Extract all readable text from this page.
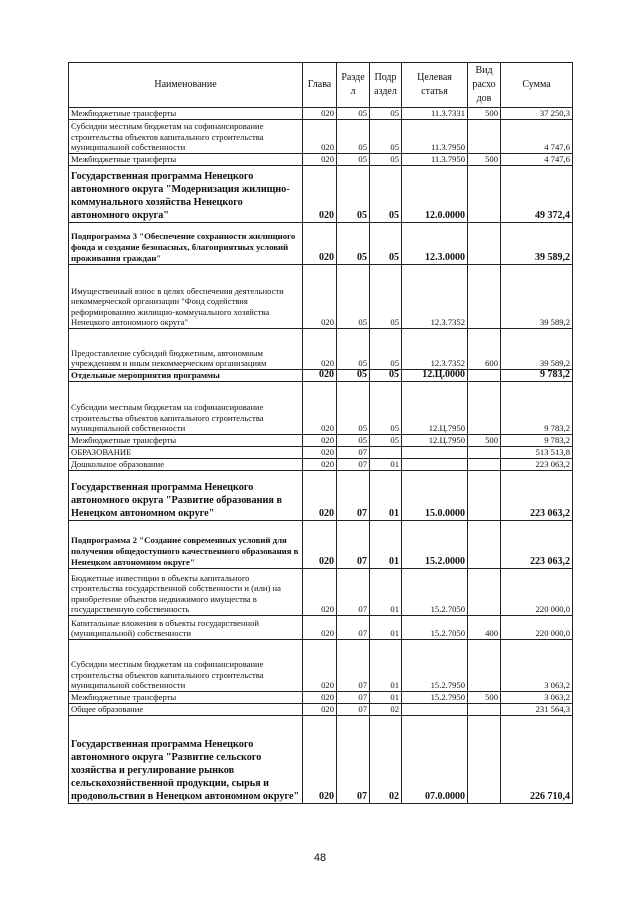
Наименование	Глава	Разде л	Подр аздел	Целевая статья	Вид расхо дов	Сумма
Межбюджетные трансферты	020	05	05	11.3.7331	500	37 250,3
Субсидии местным бюджетам на софинансирование строительства объектов капитального строительства муниципальной собственности	020	05	05	11.3.7950		4 747,6
Межбюджетные трансферты	020	05	05	11.3.7950	500	4 747,6
Государственная программа Ненецкого автономного округа "Модернизация жилищно-коммунального хозяйства Ненецкого автономного округа"	020	05	05	12.0.0000		49 372,4
Подпрограмма 3 "Обеспечение сохранности жилищного фонда и создание безопасных, благоприятных условий проживания граждан"	020	05	05	12.3.0000		39 589,2
Имущественный взнос в целях обеспечения деятельности некоммерческой организации "Фонд содействия реформированию жилищно-коммунального хозяйства Ненецкого автономного округа"	020	05	05	12.3.7352		39 589,2
Предоставление субсидий бюджетным, автономным учреждениям и иным некоммерческим организациям	020	05	05	12.3.7352	600	39 589,2
Отдельные мероприятия программы	020	05	05	12.Ц.0000		9 783,2
Субсидии местным бюджетам на софинансирование строительства объектов капитального строительства муниципальной собственности	020	05	05	12.Ц.7950		9 783,2
Межбюджетные трансферты	020	05	05	12.Ц.7950	500	9 783,2
ОБРАЗОВАНИЕ	020	07				513 513,8
Дошкольное образование	020	07	01			223 063,2
Государственная программа Ненецкого автономного округа "Развитие образования в Ненецком автономном округе"	020	07	01	15.0.0000		223 063,2
Подпрограмма 2 "Создание современных условий для получения общедоступного качественного образования в Ненецком автономном округе"	020	07	01	15.2.0000		223 063,2
Бюджетные инвестиции в объекты капитального строительства государственной собственности и (или) на приобретение объектов недвижимого имущества в государственную собственность	020	07	01	15.2.7050		220 000,0
Капитальные вложения в объекты государственной (муниципальной) собственности	020	07	01	15.2.7050	400	220 000,0
Субсидии местным бюджетам на софинансирование строительства объектов капитального строительства муниципальной собственности	020	07	01	15.2.7950		3 063,2
Межбюджетные трансферты	020	07	01	15.2.7950	500	3 063,2
Общее образование	020	07	02			231 564,3
Государственная программа Ненецкого автономного округа "Развитие сельского хозяйства и регулирование рынков сельскохозяйственной продукции, сырья и продовольствия в Ненецком автономном округе"	020	07	02	07.0.0000		226 710,4
48
